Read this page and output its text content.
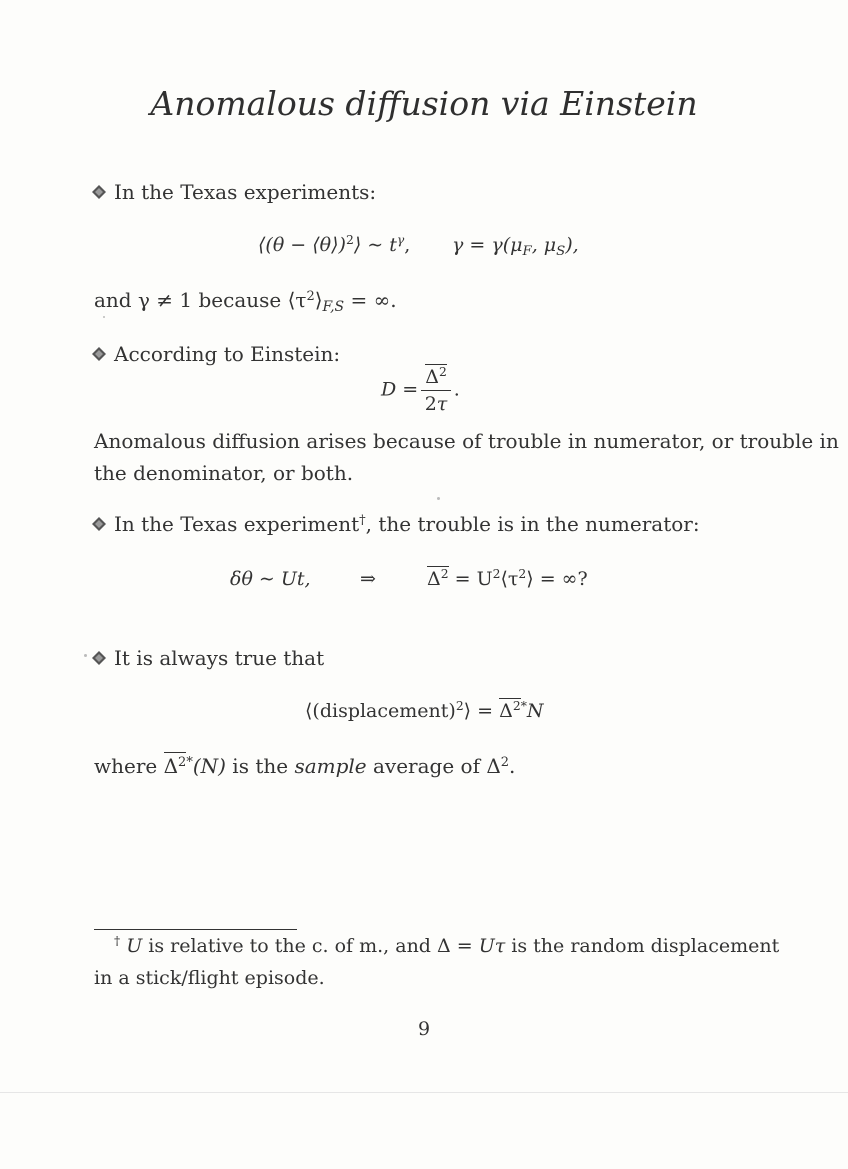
Anomalous diffusion via Einstein
In the Texas experiments:
⟨(θ − ⟨θ⟩)$^2$⟩ ∼ $t^\gamma$, $\gamma = \gamma(\mu_F$, $\mu_S$),
and γ ≠ 1 because $⟨\tau^2⟩_{F,S}$ = ∞.
According to Einstein:
$D = \frac{\Delta^2}{2\tau}$ .
Anomalous diffusion arises because of trouble in numerator, or trouble in
the denominator, or both.
In the Texas experiment†, the trouble is in the numerator:
δθ ∼ Ut,	⇒	$\Delta^2$ = $U^2⟨\tau^2⟩$ = ∞?
It is always true that
⟨(displacement)$^2$⟩ = $\Delta^{2*}N$
where $\Delta^{2*}(N)$ is the sample average of $\Delta^2$.
† U is relative to the c. of m., and Δ = Uτ is the random displacement
in a stick/flight episode.
9
